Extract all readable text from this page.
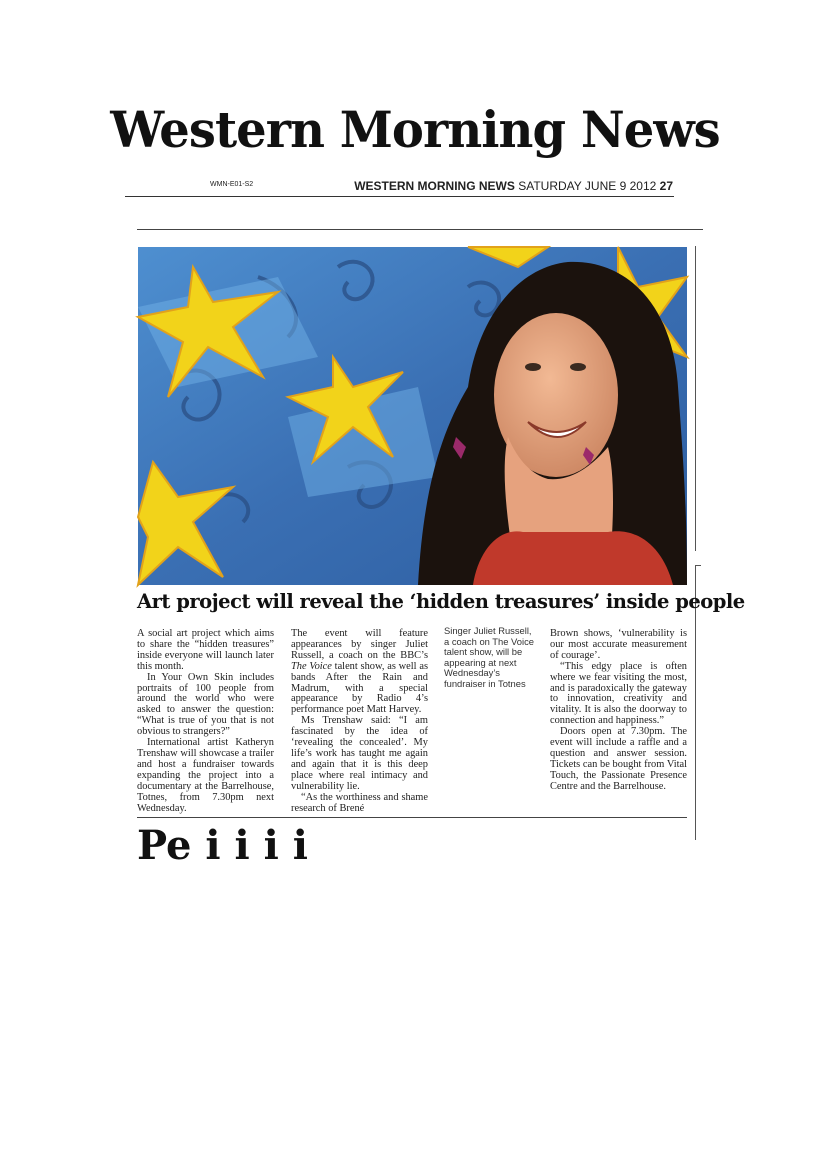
Western Morning News
WMN-E01-S2	WESTERN MORNING NEWS SATURDAY JUNE 9 2012 27
Art project will reveal the ‘hidden treasures’ inside people

A social art project which aims to share the “hidden treasures” inside everyone will launch later this month.

In Your Own Skin includes portraits of 100 people from around the world who were asked to answer the question: “What is true of you that is not obvious to strangers?”

International artist Katheryn Trenshaw will showcase a trailer and host a fundraiser towards expanding the project into a documentary at the Barrelhouse, Totnes, from 7.30pm next Wednesday.

The event will feature appearances by singer Juliet Russell, a coach on the BBC’s The Voice talent show, as well as bands After the Rain and Madrum, with a special appearance by Radio 4’s performance poet Matt Harvey.

Ms Trenshaw said: “I am fascinated by the idea of ‘revealing the concealed’. My life’s work has taught me again and again that it is this deep place where real intimacy and vulnerability lie.

“As the worthiness and shame research of Brené

Singer Juliet Russell, a coach on The Voice talent show, will be appearing at next Wednesday’s fundraiser in Totnes

Brown shows, ‘vulnerability is our most accurate measurement of courage’.

“This edgy place is often where we fear visiting the most, and is paradoxically the gateway to innovation, creativity and vitality. It is also the doorway to connection and happiness.”

Doors open at 7.30pm. The event will include a raffle and a question and answer session. Tickets can be bought from Vital Touch, the Passionate Presence Centre and the Barrelhouse.

Pe i i i i
